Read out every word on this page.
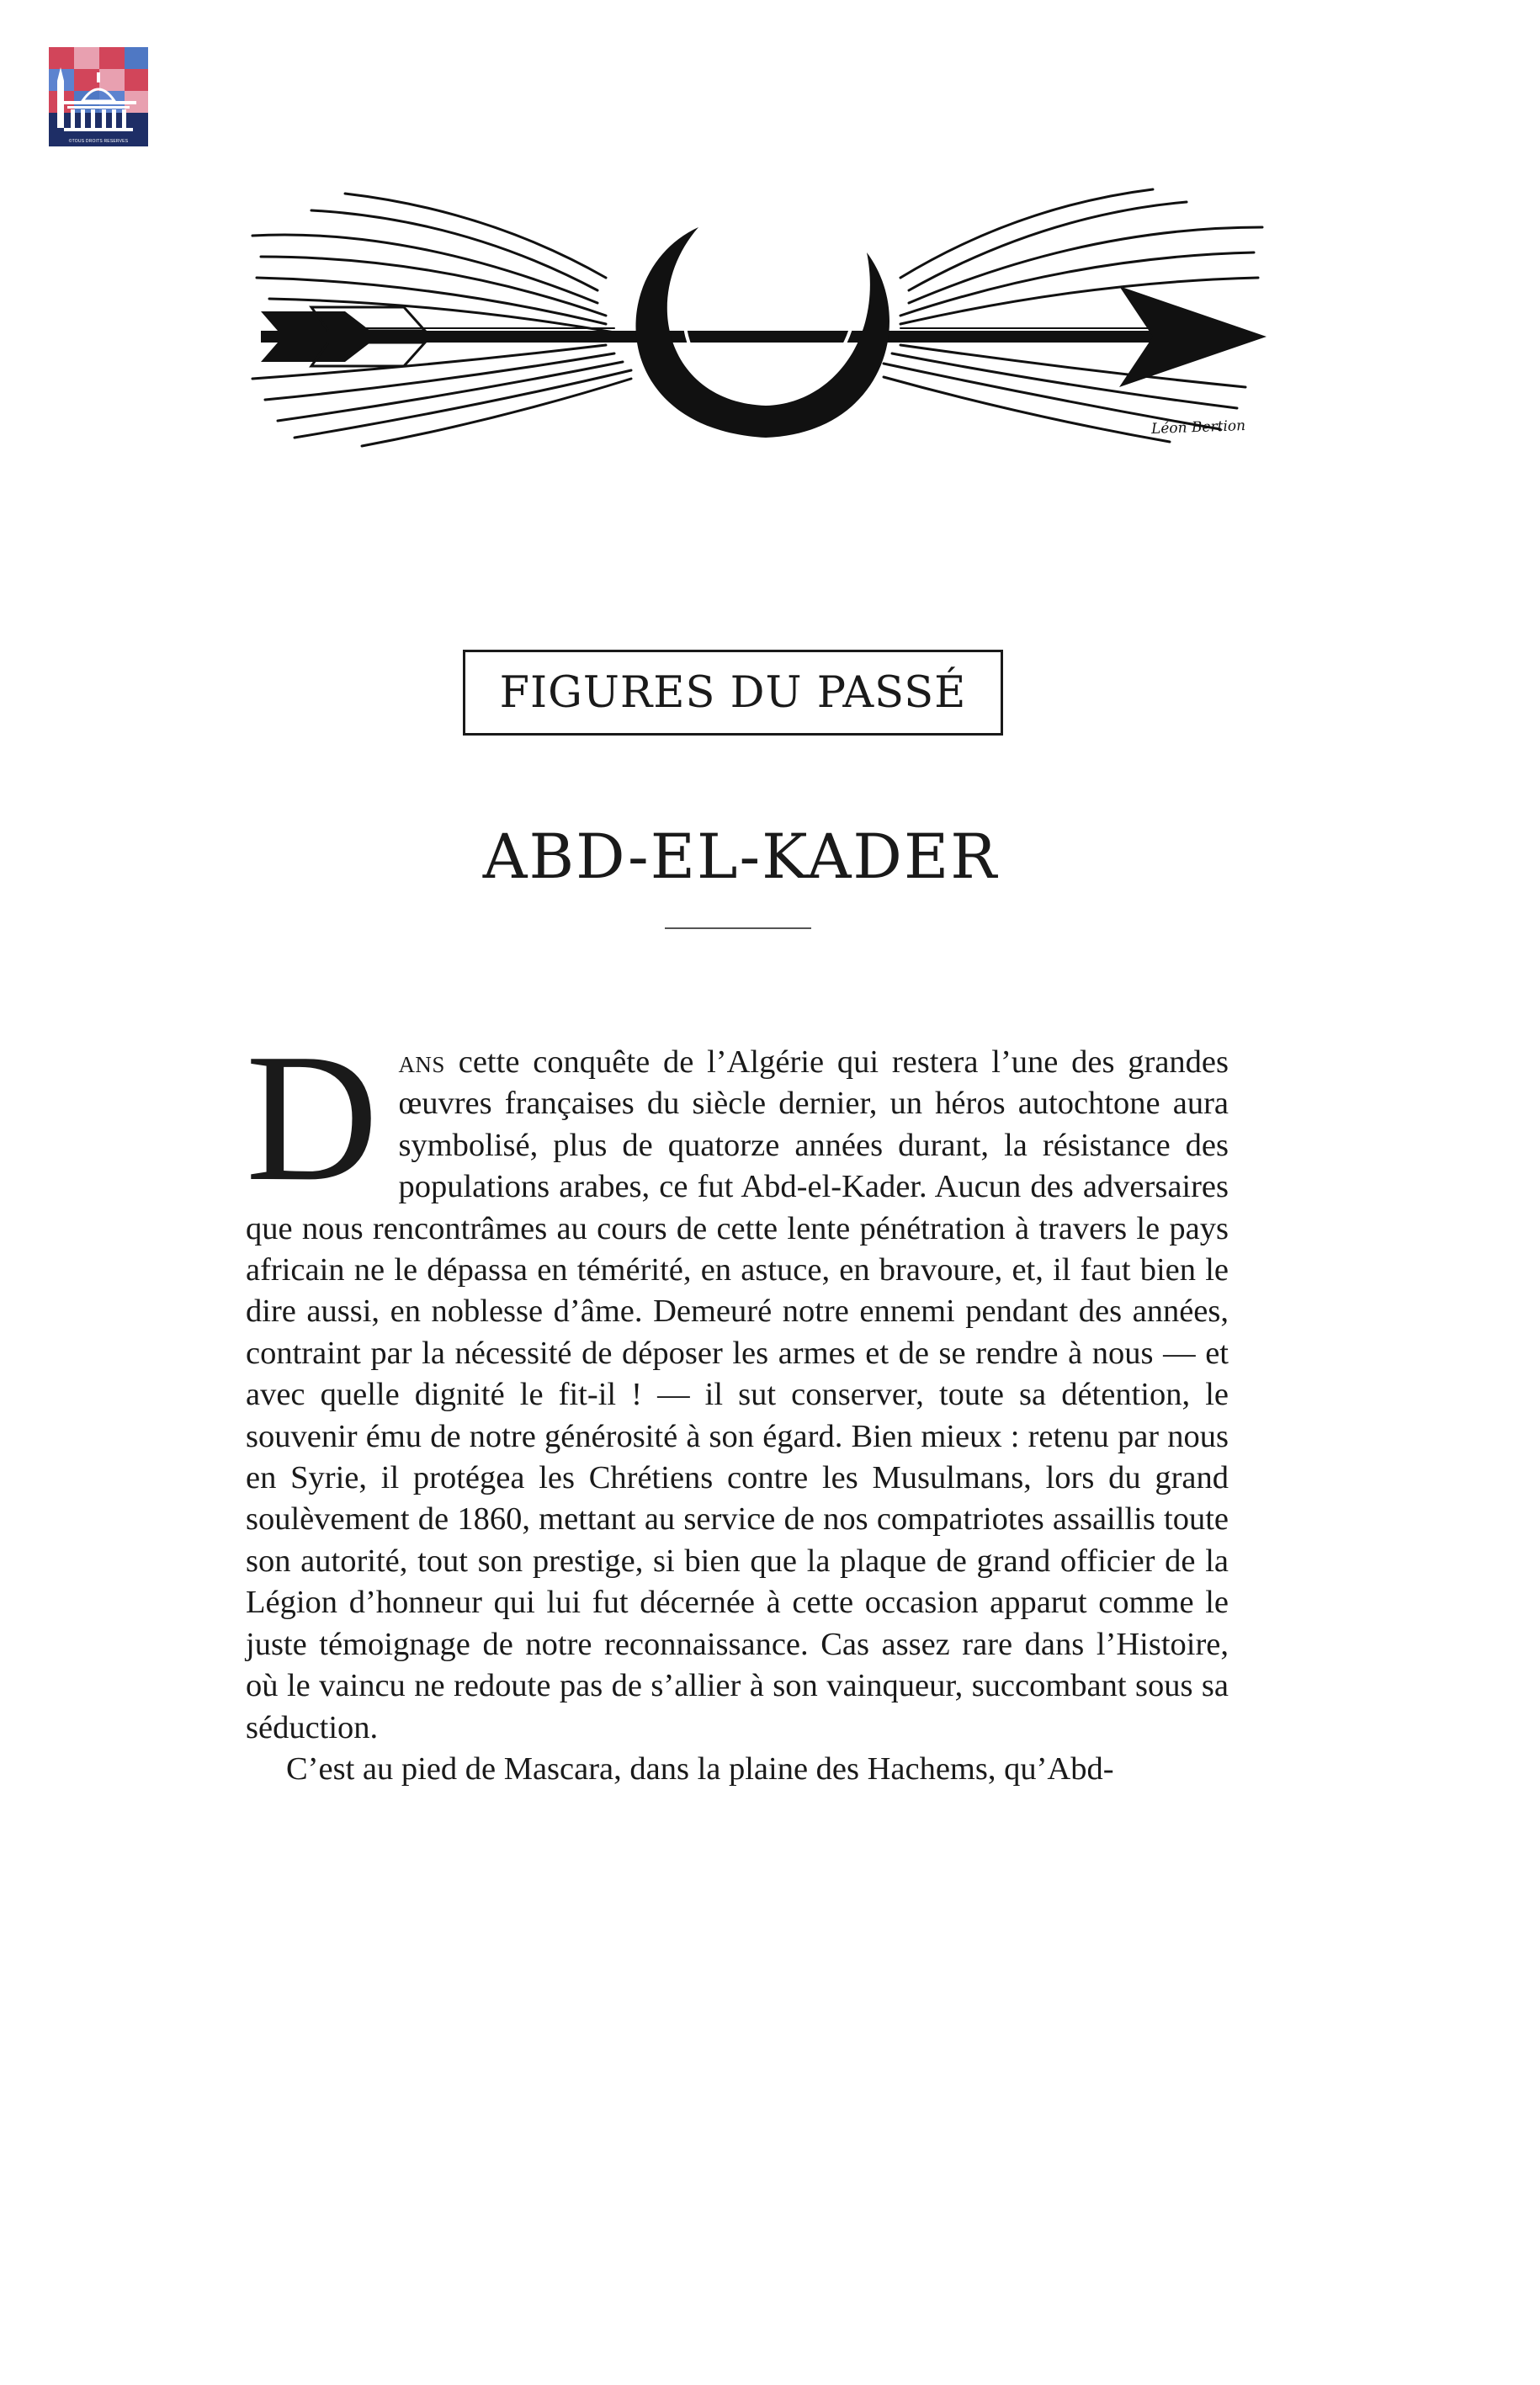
©TOUS DROITS RÉSERVÉS
Léon Bertion
FIGURES DU PASSÉ
ABD-EL-KADER

Dans cette conquête de l’Algérie qui restera l’une des grandes œuvres françaises du siècle dernier, un héros autochtone aura symbolisé, plus de quatorze années durant, la résistance des populations arabes, ce fut Abd-el-Kader. Aucun des adversaires que nous rencontrâmes au cours de cette lente pénétration à travers le pays africain ne le dépassa en témérité, en astuce, en bravoure, et, il faut bien le dire aussi, en noblesse d’âme. Demeuré notre ennemi pendant des années, contraint par la nécessité de déposer les armes et de se rendre à nous — et avec quelle dignité le fit-il ! — il sut conserver, toute sa détention, le souvenir ému de notre générosité à son égard. Bien mieux : retenu par nous en Syrie, il protégea les Chrétiens contre les Musulmans, lors du grand soulèvement de 1860, mettant au service de nos compatriotes assaillis toute son autorité, tout son prestige, si bien que la plaque de grand officier de la Légion d’honneur qui lui fut décernée à cette occasion apparut comme le juste témoignage de notre reconnaissance. Cas assez rare dans l’Histoire, où le vaincu ne redoute pas de s’allier à son vainqueur, succombant sous sa séduction.

C’est au pied de Mascara, dans la plaine des Hachems, qu’Abd-
